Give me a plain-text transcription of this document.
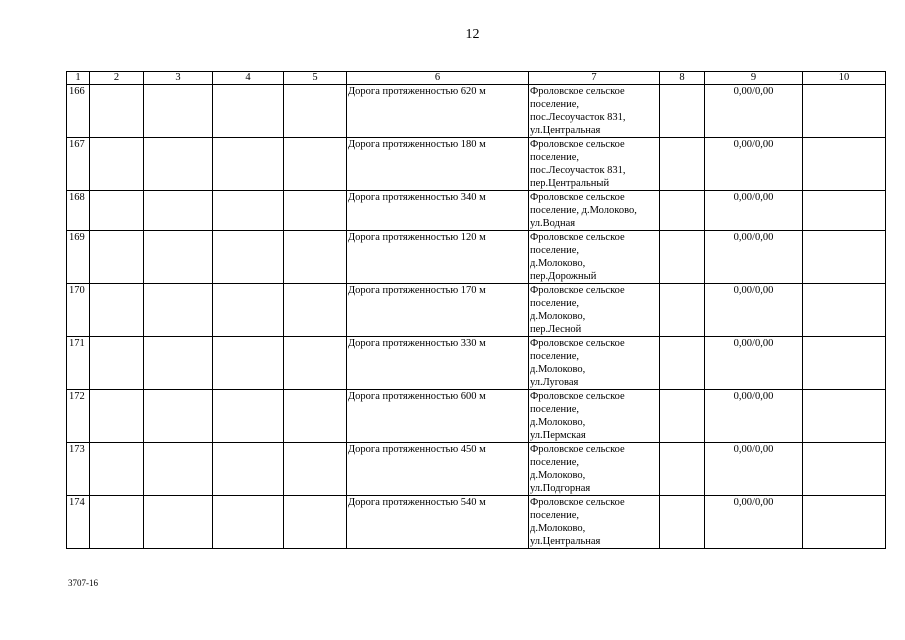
12
1	2	3	4	5	6	7	8	9	10
166					Дорога протяженностью 620 м	Фроловское сельское
поселение,
пос.Лесоучасток 831,
ул.Центральная		0,00/0,00	
167					Дорога протяженностью 180 м	Фроловское сельское
поселение,
пос.Лесоучасток 831,
пер.Центральный		0,00/0,00	
168					Дорога протяженностью 340 м	Фроловское сельское
поселение, д.Молоково,
ул.Водная		0,00/0,00	
169					Дорога протяженностью 120 м	Фроловское сельское
поселение,
д.Молоково,
пер.Дорожный		0,00/0,00	
170					Дорога протяженностью 170 м	Фроловское сельское
поселение,
д.Молоково,
пер.Лесной		0,00/0,00	
171					Дорога протяженностью 330 м	Фроловское сельское
поселение,
д.Молоково,
ул.Луговая		0,00/0,00	
172					Дорога протяженностью 600 м	Фроловское сельское
поселение,
д.Молоково,
ул.Пермская		0,00/0,00	
173					Дорога протяженностью 450 м	Фроловское сельское
поселение,
д.Молоково,
ул.Подгорная		0,00/0,00	
174					Дорога протяженностью 540 м	Фроловское сельское
поселение,
д.Молоково,
ул.Центральная		0,00/0,00	
3707-16
